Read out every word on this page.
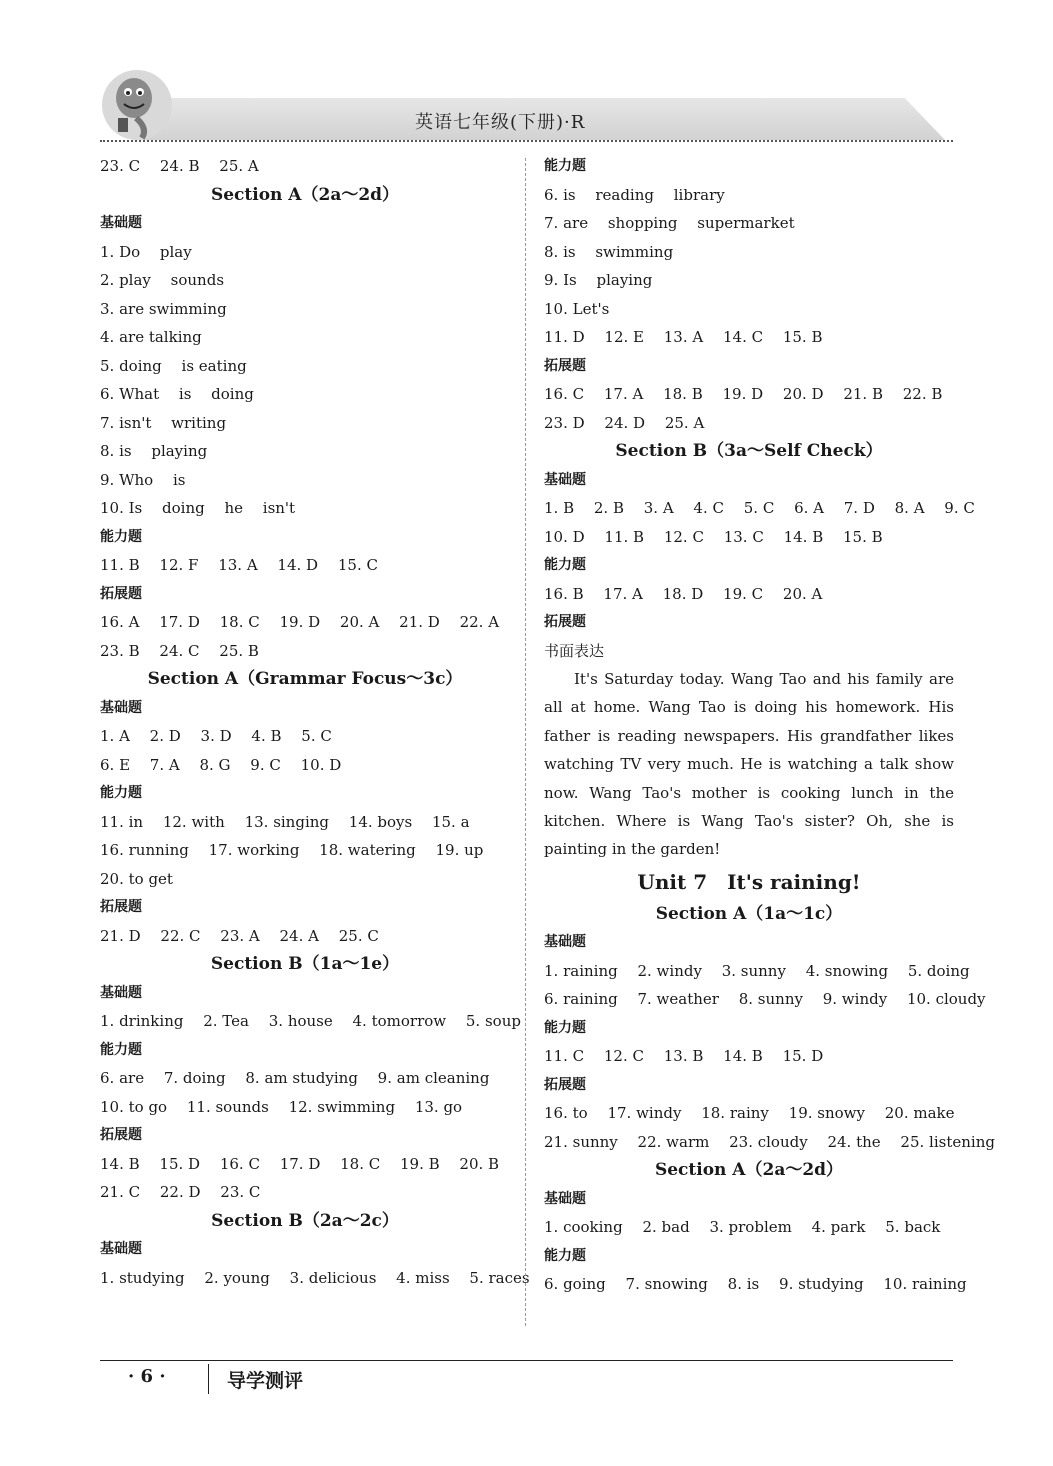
英语七年级(下册)·R
23. C　 24. B　 25. A
Section A（2a～2d）
基础题
1. Do　 play
2. play　 sounds
3. are swimming
4. are talking
5. doing　 is eating
6. What　 is　 doing
7. isn't　 writing
8. is　 playing
9. Who　 is
10. Is　 doing　 he　 isn't
能力题
11. B　 12. F　 13. A　 14. D　 15. C
拓展题
16. A　 17. D　 18. C　 19. D　 20. A　 21. D　 22. A
23. B　 24. C　 25. B
Section A（Grammar Focus～3c）
基础题
1. A　 2. D　 3. D　 4. B　 5. C
6. E　 7. A　 8. G　 9. C　 10. D
能力题
11. in　 12. with　 13. singing　 14. boys　 15. a
16. running　 17. working　 18. watering　 19. up
20. to get
拓展题
21. D　 22. C　 23. A　 24. A　 25. C
Section B（1a～1e）
基础题
1. drinking　 2. Tea　 3. house　 4. tomorrow　 5. soup
能力题
6. are　 7. doing　 8. am studying　 9. am cleaning
10. to go　 11. sounds　 12. swimming　 13. go
拓展题
14. B　 15. D　 16. C　 17. D　 18. C　 19. B　 20. B
21. C　 22. D　 23. C
Section B（2a～2c）
基础题
1. studying　 2. young　 3. delicious　 4. miss　 5. races
能力题
6. is　 reading　 library
7. are　 shopping　 supermarket
8. is　 swimming
9. Is　 playing
10. Let's
11. D　 12. E　 13. A　 14. C　 15. B
拓展题
16. C　 17. A　 18. B　 19. D　 20. D　 21. B　 22. B
23. D　 24. D　 25. A
Section B（3a～Self Check）
基础题
1. B　 2. B　 3. A　 4. C　 5. C　 6. A　 7. D　 8. A　 9. C
10. D　 11. B　 12. C　 13. C　 14. B　 15. B
能力题
16. B　 17. A　 18. D　 19. C　 20. A
拓展题
书面表达
It's Saturday today. Wang Tao and his family are all at home. Wang Tao is doing his homework. His father is reading newspapers. His grandfather likes watching TV very much. He is watching a talk show now. Wang Tao's mother is cooking lunch in the kitchen. Where is Wang Tao's sister? Oh, she is painting in the garden!
Unit 7　It's raining!
Section A（1a～1c）
基础题
1. raining　 2. windy　 3. sunny　 4. snowing　 5. doing
6. raining　 7. weather　 8. sunny　 9. windy　 10. cloudy
能力题
11. C　 12. C　 13. B　 14. B　 15. D
拓展题
16. to　 17. windy　 18. rainy　 19. snowy　 20. make
21. sunny　 22. warm　 23. cloudy　 24. the　 25. listening
Section A（2a～2d）
基础题
1. cooking　 2. bad　 3. problem　 4. park　 5. back
能力题
6. going　 7. snowing　 8. is　 9. studying　 10. raining
· 6 ·	导学测评
